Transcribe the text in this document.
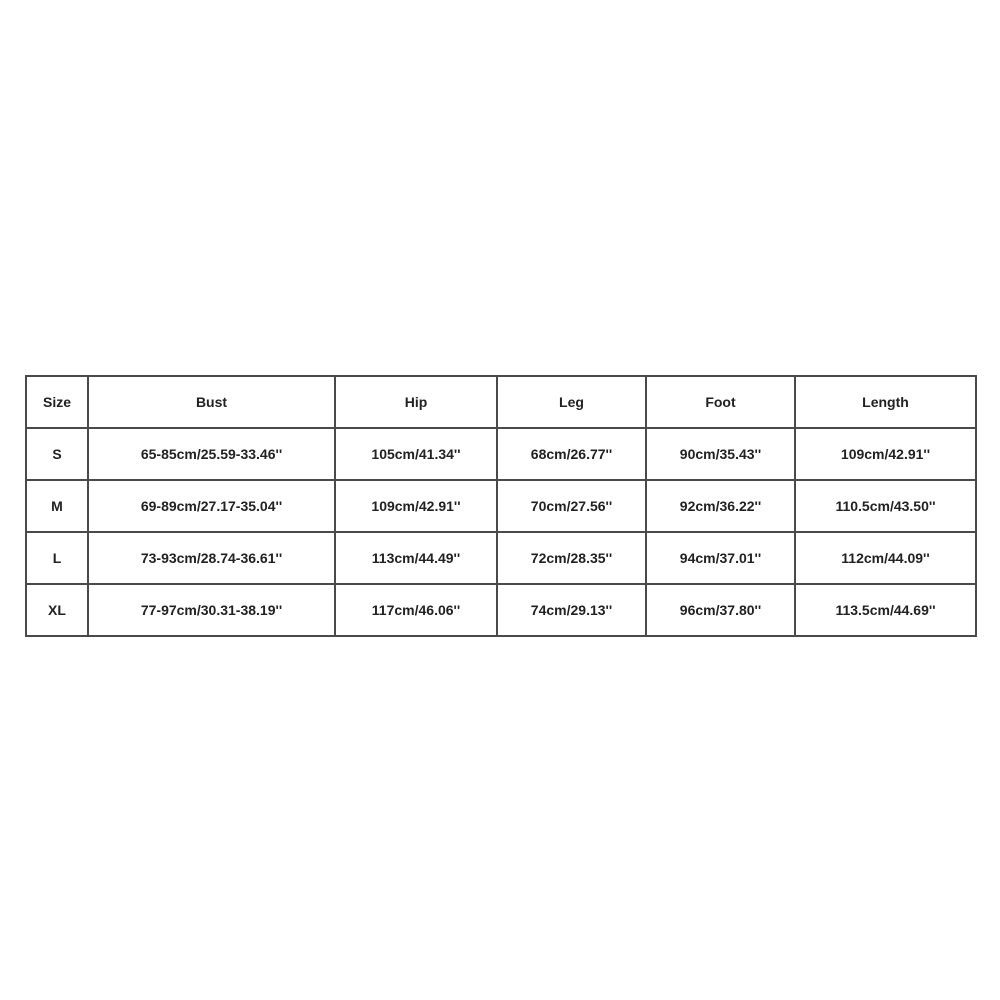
Size	Bust	Hip	Leg	Foot	Length
S	65-85cm/25.59-33.46''	105cm/41.34''	68cm/26.77''	90cm/35.43''	109cm/42.91''
M	69-89cm/27.17-35.04''	109cm/42.91''	70cm/27.56''	92cm/36.22''	110.5cm/43.50''
L	73-93cm/28.74-36.61''	113cm/44.49''	72cm/28.35''	94cm/37.01''	112cm/44.09''
XL	77-97cm/30.31-38.19''	117cm/46.06''	74cm/29.13''	96cm/37.80''	113.5cm/44.69''
